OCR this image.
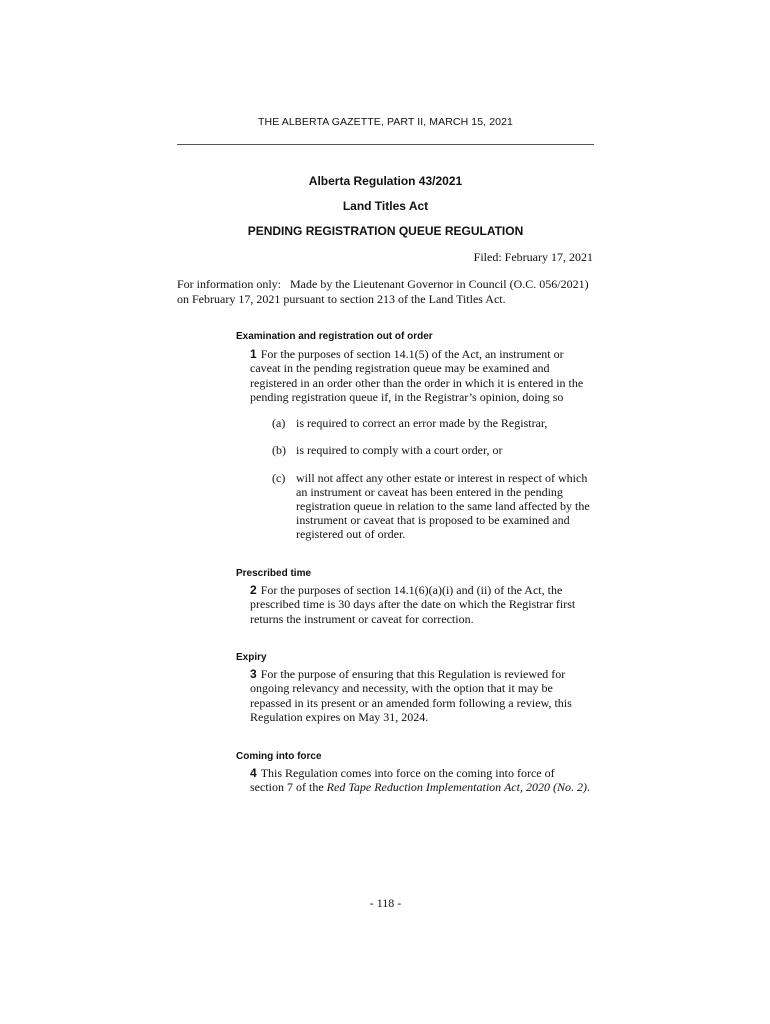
THE ALBERTA GAZETTE, PART II, MARCH 15, 2021
Alberta Regulation 43/2021
Land Titles Act
PENDING REGISTRATION QUEUE REGULATION
Filed: February 17, 2021
For information only:   Made by the Lieutenant Governor in Council (O.C. 056/2021)
on February 17, 2021 pursuant to section 213 of the Land Titles Act.
Examination and registration out of order
1 For the purposes of section 14.1(5) of the Act, an instrument or
caveat in the pending registration queue may be examined and
registered in an order other than the order in which it is entered in the
pending registration queue if, in the Registrar’s opinion, doing so
(a) is required to correct an error made by the Registrar,
(b) is required to comply with a court order, or
(c) will not affect any other estate or interest in respect of which
an instrument or caveat has been entered in the pending
registration queue in relation to the same land affected by the
instrument or caveat that is proposed to be examined and
registered out of order.
Prescribed time
2 For the purposes of section 14.1(6)(a)(i) and (ii) of the Act, the
prescribed time is 30 days after the date on which the Registrar first
returns the instrument or caveat for correction.
Expiry
3 For the purpose of ensuring that this Regulation is reviewed for
ongoing relevancy and necessity, with the option that it may be
repassed in its present or an amended form following a review, this
Regulation expires on May 31, 2024.
Coming into force
4 This Regulation comes into force on the coming into force of
section 7 of the Red Tape Reduction Implementation Act, 2020 (No. 2).
- 118 -
